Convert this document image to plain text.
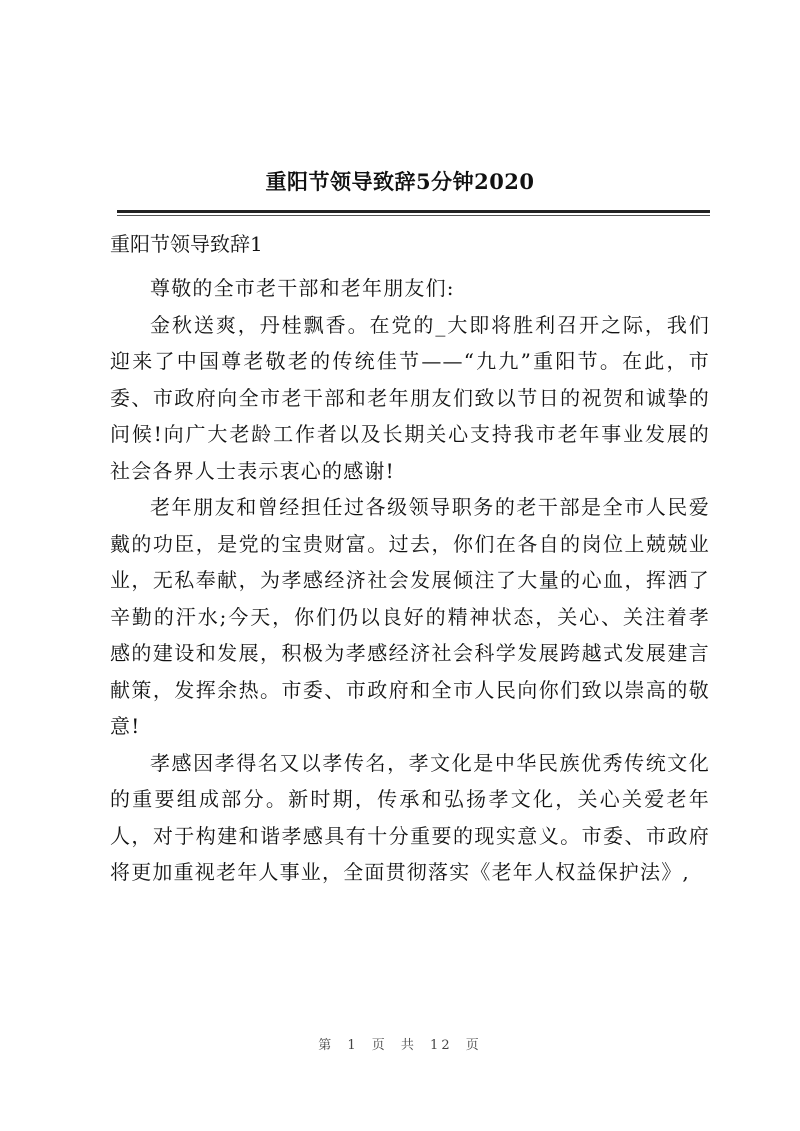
重阳节领导致辞5分钟2020
重阳节领导致辞1

尊敬的全市老干部和老年朋友们:

金秋送爽，丹桂飘香。在党的_大即将胜利召开之际，我们迎来了中国尊老敬老的传统佳节——“九九”重阳节。在此，市委、市政府向全市老干部和老年朋友们致以节日的祝贺和诚挚的问候!向广大老龄工作者以及长期关心支持我市老年事业发展的社会各界人士表示衷心的感谢!

老年朋友和曾经担任过各级领导职务的老干部是全市人民爱戴的功臣，是党的宝贵财富。过去，你们在各自的岗位上兢兢业业，无私奉献，为孝感经济社会发展倾注了大量的心血，挥洒了辛勤的汗水;今天，你们仍以良好的精神状态，关心、关注着孝感的建设和发展，积极为孝感经济社会科学发展跨越式发展建言献策，发挥余热。市委、市政府和全市人民向你们致以崇高的敬意!

孝感因孝得名又以孝传名，孝文化是中华民族优秀传统文化的重要组成部分。新时期，传承和弘扬孝文化，关心关爱老年人，对于构建和谐孝感具有十分重要的现实意义。市委、市政府将更加重视老年人事业，全面贯彻落实《老年人权益保护法》,

第 1 页 共 12 页
